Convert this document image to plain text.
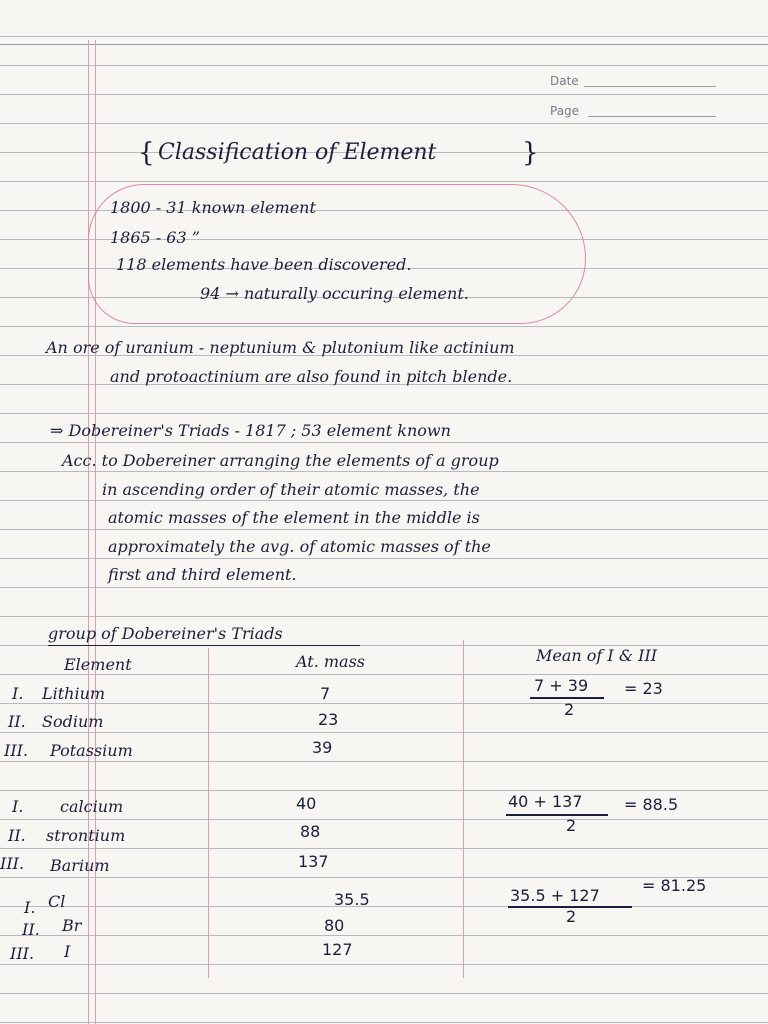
Date
Page
{ Classification of Element	}
1800 - 31 known element
1865 - 63 ”
118 elements have been discovered.
94 → naturally occuring element.
An ore of uranium - neptunium & plutonium like actinium
and protoactinium are also found in pitch blende.
⇒ Dobereiner's Triads - 1817 ; 53 element known
Acc. to Dobereiner arranging the elements of a group
in ascending order of their atomic masses, the
atomic masses of the element in the middle is
approximately the avg. of atomic masses of the
first and third element.
group of Dobereiner's Triads
Element	At. mass	Mean of I & III
I. Lithium	7
II. Sodium	23
III. Potassium	39
7 + 39
2
= 23
I. calcium	40
II. strontium	88
III. Barium	137
40 + 137
2
= 88.5
I. Cl	35.5
II. Br	80
III. I	127
35.5 + 127
2
= 81.25
